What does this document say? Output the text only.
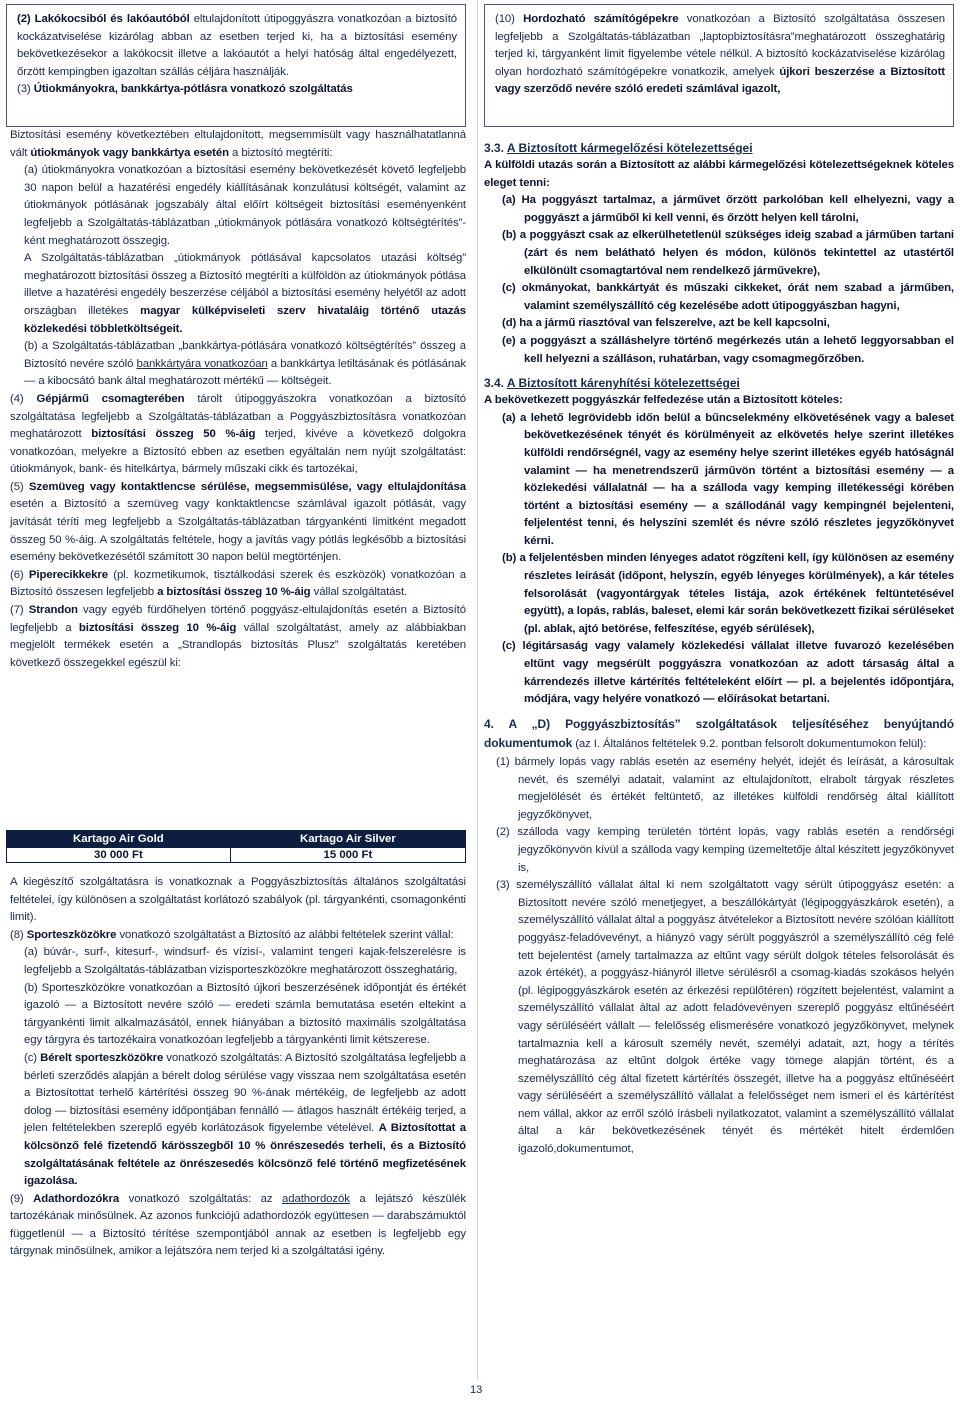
(2) Lakókocsiból és lakóautóból eltulajdonított útipoggyászra vonatkozóan a biztosító kockázatviselése kizárólag abban az esetben terjed ki, ha a biztosítási esemény bekövetkezésekor a lakókocsit illetve a lakóautót a helyi hatóság által engedélyezett, őrzött kempingben igazoltan szállás céljára használják.

(3) Útiokmányokra, bankkártya-pótlásra vonatkozó szolgáltatás

Biztosítási esemény következtében eltulajdonított, megsemmisült vagy használhatatlanná vált útiokmányok vagy bankkártya esetén a biztosító megtéríti:

(a) útiokmányokra vonatkozóan a biztosítási esemény bekövetkezését követő legfeljebb 30 napon belül a hazatérési engedély kiállításának konzulátusi költségét, valamint az útiokmányok pótlásának jogszabály által előírt költségeit biztosítási eseményenként legfeljebb a Szolgáltatás-táblázatban „útiokmányok pótlására vonatkozó költségtérítés”- ként meghatározott összegig.

A Szolgáltatás-táblázatban „útiokmányok pótlásával kapcsolatos utazási költség” meghatározott biztosítási összeg a Biztosító megtéríti a külföldön az útiokmányok pótlása illetve a hazatérési engedély beszerzése céljából a biztosítási esemény helyétől az adott országban illetékes magyar külképviseleti szerv hivataláig történő utazás közlekedési többletköltségeit.

(b) a Szolgáltatás-táblázatban „bankkártya-pótlására vonatkozó költségtérítés” összeg a Biztosító nevére szóló bankkártyára vonatkozóan a bankkártya letiltásának és pótlásának — a kibocsátó bank által meghatározott mértékű — költségeit.

(4) Gépjármű csomagterében tárolt útipoggyászokra vonatkozóan a biztosító szolgáltatása legfeljebb a Szolgáltatás-táblázatban a Poggyászbiztosításra vonatkozóan meghatározott biztosítási összeg 50 %-áig terjed, kivéve a következő dolgokra vonatkozóan, melyekre a Biztosító ebben az esetben egyáltalán nem nyújt szolgáltatást: útiokmányok, bank- és hitelkártya, bármely műszaki cikk és tartozékai,

(5) Szemüveg vagy kontaktlencse sérülése, megsemmisülése, vagy eltulajdonítása esetén a Biztosító a szemüveg vagy konktaktlencse számlával igazolt pótlását, vagy javítását téríti meg legfeljebb a Szolgáltatás-táblázatban tárgyankénti limitként megadott összeg 50 %-áig. A szolgáltatás feltétele, hogy a javítás vagy pótlás legkésőbb a biztosítási esemény bekövetkezésétől számított 30 napon belül megtörténjen.

(6) Piperecikkekre (pl. kozmetikumok, tisztálkodási szerek és eszközök) vonatkozóan a Biztosító összesen legfeljebb a biztosítási összeg 10 %-áig vállal szolgáltatást.

(7) Strandon vagy egyéb fürdőhelyen történő poggyász-eltulajdonítás esetén a Biztosító legfeljebb a biztosítási összeg 10 %-áig vállal szolgáltatást, amely az alábbiakban megjelölt termékek esetén a „Strandlopás biztosítás Plusz” szolgáltatás keretében következő összegekkel egészül ki:

Kartago Air Gold	Kartago Air Silver
30 000 Ft	15 000 Ft

A kiegészítő szolgáltatásra is vonatkoznak a Poggyászbiztosítás általános szolgáltatási feltételei, így különösen a szolgáltatást korlátozó szabályok (pl. tárgyankénti, csomagonkénti limit).

(8) Sporteszközökre vonatkozó szolgáltatást a Biztosító az alábbi feltételek szerint vállal:

(a) búvár-, surf-, kitesurf-, windsurf- és vízisí-, valamint tengeri kajak-felszerelésre is legfeljebb a Szolgáltatás-táblázatban vizisporteszközökre meghatározott összeghatárig,

(b) Sporteszközökre vonatkozóan a Biztosító újkori beszerzésének időpontját és értékét igazoló — a Biztosított nevére szóló — eredeti számla bemutatása esetén eltekint a tárgyankénti limit alkalmazásától, ennek hiányában a biztosító maximális szolgáltatása egy tárgyra és tartozékaira vonatkozóan legfeljebb a tárgyankénti limit kétszerese.

(c) Bérelt sporteszközökre vonatkozó szolgáltatás: A Biztosító szolgáltatása legfeljebb a bérleti szerződés alapján a bérelt dolog sérülése vagy visszaa nem szolgáltatása esetén a Biztosítottat terhelő kártérítési összeg 90 %-ának mértékéig, de legfeljebb az adott dolog — biztosítási esemény időpontjában fennálló — átlagos használt értékéig terjed, a jelen feltételekben szereplő egyéb korlátozások figyelembe vételével. A Biztosítottat a kölcsönző felé fizetendő kárösszegből 10 % önrészesedés terheli, és a Biztosító szolgáltatásának feltétele az önrészesedés kölcsönző felé történő megfizetésének igazolása.

(9) Adathordozókra vonatkozó szolgáltatás: az adathordozók a lejátszó készülék tartozékának minősülnek. Az azonos funkciójú adathordozók együttesen — darabszámuktól függetlenül — a Biztosító térítése szempontjából annak az esetben is legfeljebb egy tárgynak minősülnek, amikor a lejátszóra nem terjed ki a szolgáltatási igény.

(10) Hordozható számítógépekre vonatkozóan a Biztosító szolgáltatása összesen legfeljebb a Szolgáltatás-táblázatban „laptopbiztosításra”meghatározott összeghatárig terjed ki, tárgyanként limit figyelembe vétele nélkül. A biztosító kockázatviselése kizárólag olyan hordozható számítógépekre vonatkozik, amelyek újkori beszerzése a Biztosított vagy szerződő nevére szóló eredeti számlával igazolt,

3.3. A Biztosított kármegelőzési kötelezettségei

A külföldi utazás során a Biztosított az alábbi kármegelőzési kötelezettségeknek köteles eleget tenni:

(a) Ha poggyászt tartalmaz, a járművet őrzött parkolóban kell elhelyezni, vagy a poggyászt a járműből ki kell venni, és őrzött helyen kell tárolni,

(b) a poggyászt csak az elkerülhetetlenül szükséges ideig szabad a járműben tartani (zárt és nem belátható helyen és módon, különös tekintettel az utastértől elkülönült csomagtartóval nem rendelkező járművekre),

(c) okmányokat, bankkártyát és műszaki cikkeket, órát nem szabad a járműben, valamint személyszállító cég kezelésébe adott útipoggyászban hagyni,

(d) ha a jármű riasztóval van felszerelve, azt be kell kapcsolni,

(e) a poggyászt a szálláshelyre történő megérkezés után a lehető leggyorsabban el kell helyezni a szálláson, ruhatárban, vagy csomagmegőrzőben.

3.4. A Biztosított kárenyhítési kötelezettségei

A bekövetkezett poggyászkár felfedezése után a Biztosított köteles:

(a) a lehető legrövidebb időn belül a bűncselekmény elkövetésének vagy a baleset bekövetkezésének tényét és körülményeit az elkövetés helye szerint illetékes külföldi rendőrségnél, vagy az esemény helye szerint illetékes egyéb hatóságnál valamint — ha menetrendszerű járművön történt a biztosítási esemény — a közlekedési vállalatnál — ha a szálloda vagy kemping illetékességi körében történt a biztosítási esemény — a szállodánál vagy kempingnél bejelenteni, feljelentést tenni, és helyszíni szemlét és névre szóló részletes jegyzőkönyvet kérni.

(b) a feljelentésben minden lényeges adatot rögzíteni kell, így különösen az esemény részletes leírását (időpont, helyszín, egyéb lényeges körülmények), a kár tételes felsorolását (vagyontárgyak tételes listája, azok értékének feltüntetésével együtt), a lopás, rablás, baleset, elemi kár során bekövetkezett fizikai sérüléseket (pl. ablak, ajtó betörése, felfeszítése, egyéb sérülések),

(c) légitársaság vagy valamely közlekedési vállalat illetve fuvarozó kezelésében eltűnt vagy megsérült poggyászra vonatkozóan az adott társaság által a kárrendezés illetve kártérítés feltételeként előírt — pl. a bejelentés időpontjára, módjára, vagy helyére vonatkozó — előírásokat betartani.

4. A „D) Poggyászbiztosítás” szolgáltatások teljesítéséhez benyújtandó dokumentumok (az I. Általános feltételek 9.2. pontban felsorolt dokumentumokon felül):

(1) bármely lopás vagy rablás esetén az esemény helyét, idejét és leírását, a károsultak nevét, és személyi adatait, valamint az eltulajdonított, elrabolt tárgyak részletes megjelölését és értékét feltüntető, az illetékes külföldi rendőrség által kiállított jegyzőkönyvet,

(2) szálloda vagy kemping területén történt lopás, vagy rablás esetén a rendőrségi jegyzőkönyvön kívül a szálloda vagy kemping üzemeltetője által készített jegyzőkönyvet is,

(3) személyszállító vállalat által ki nem szolgáltatott vagy sérült útipoggyász esetén: a Biztosított nevére szóló menetjegyet, a beszállókártyát (légipoggyászkárok esetén), a személyszállító vállalat által a poggyász átvételekor a Biztosított nevére szólóan kiállított poggyász-feladóvevényt, a hiányzó vagy sérült poggyászról a személyszállító cég felé tett bejelentést (amely tartalmazza az eltűnt vagy sérült dolgok tételes felsorolását és azok értékét), a poggyász-hiányról illetve sérülésről a csomag-kiadás szokásos helyén (pl. légipoggyászkárok esetén az érkezési repülőtéren) rögzített bejelentést, valamint a személyszállító vállalat által az adott feladóvevényen szereplő poggyász eltűnéséért vagy sérüléséért vállalt — felelősség elismerésére vonatkozó jegyzőkönyvet, melynek tartalmaznia kell a károsult személy nevét, személyi adatait, azt, hogy a térítés meghatározása az eltűnt dolgok értéke vagy tömege alapján történt, és a személyszállító cég által fizetett kártérítés összegét, illetve ha a poggyász eltűnéséért vagy sérüléséért a személyszállító vállalat a felelősséget nem ismeri el és kártérítést nem vállal, akkor az erről szóló írásbeli nyilatkozatot, valamint a személyszállító vállalat által a kár bekövetkezésének tényét és mértékét hitelt érdemlően igazoló,dokumentumot,

13
